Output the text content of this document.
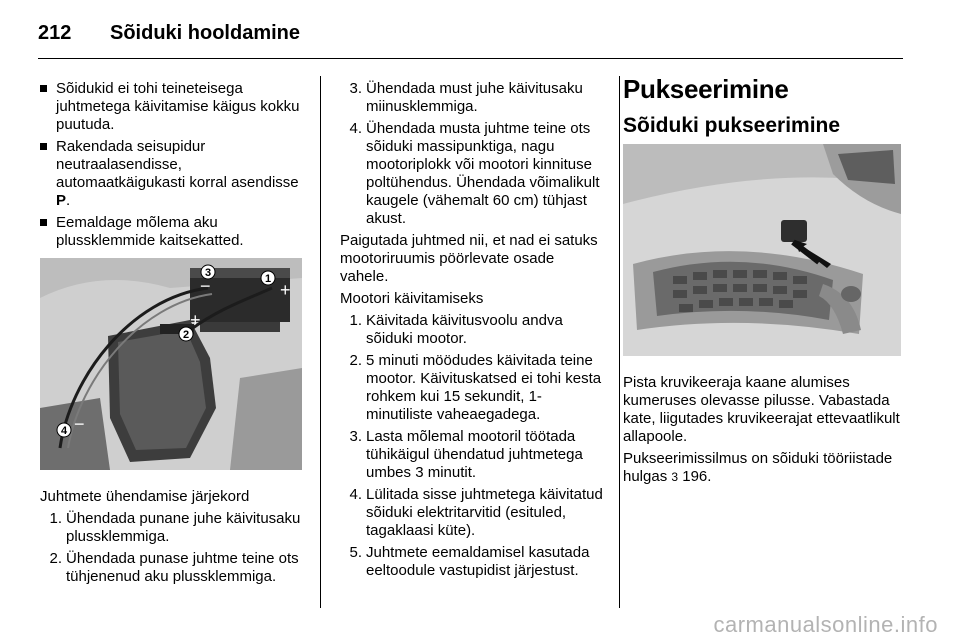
212 Sõiduki hooldamine
Sõidukid ei tohi teineteisega juhtmetega käivitamise käigus kokku puutuda.
Rakendada seisupidur neutraalasendisse, automaatkäigukasti korral asendisse P.
Eemaldage mõlema aku plussklemmide kaitsekatted.
3	1
2
4
+
+
−
−
Juhtmete ühendamise järjekord
1. Ühendada punane juhe käivitusaku plussklemmiga.
2. Ühendada punase juhtme teine ots tühjenenud aku plussklemmiga.
3. Ühendada must juhe käivitusaku miinusklemmiga.
4. Ühendada musta juhtme teine ots sõiduki massipunktiga, nagu mootoriplokk või mootori kinnituse poltühendus. Ühendada võimalikult kaugele (vähemalt 60 cm) tühjast akust.
Paigutada juhtmed nii, et nad ei satuks mootoriruumis pöörlevate osade vahele.
Mootori käivitamiseks
1. Käivitada käivitusvoolu andva sõiduki mootor.
2. 5 minuti möödudes käivitada teine mootor. Käivituskatsed ei tohi kesta rohkem kui 15 sekundit, 1-minutiliste vaheaegadega.
3. Lasta mõlemal mootoril töötada tühikäigul ühendatud juhtmetega umbes 3 minutit.
4. Lülitada sisse juhtmetega käivitatud sõiduki elektritarvitid (esituled, tagaklaasi küte).
5. Juhtmete eemaldamisel kasutada eeltoodule vastupidist järjestust.
Pukseerimine
Sõiduki pukseerimine
Pista kruvikeeraja kaane alumises kumeruses olevasse pilusse. Vabastada kate, liigutades kruvikeerajat ettevaatlikult allapoole.
Pukseerimissilmus on sõiduki tööriistade hulgas 3 196.
carmanualsonline.info
